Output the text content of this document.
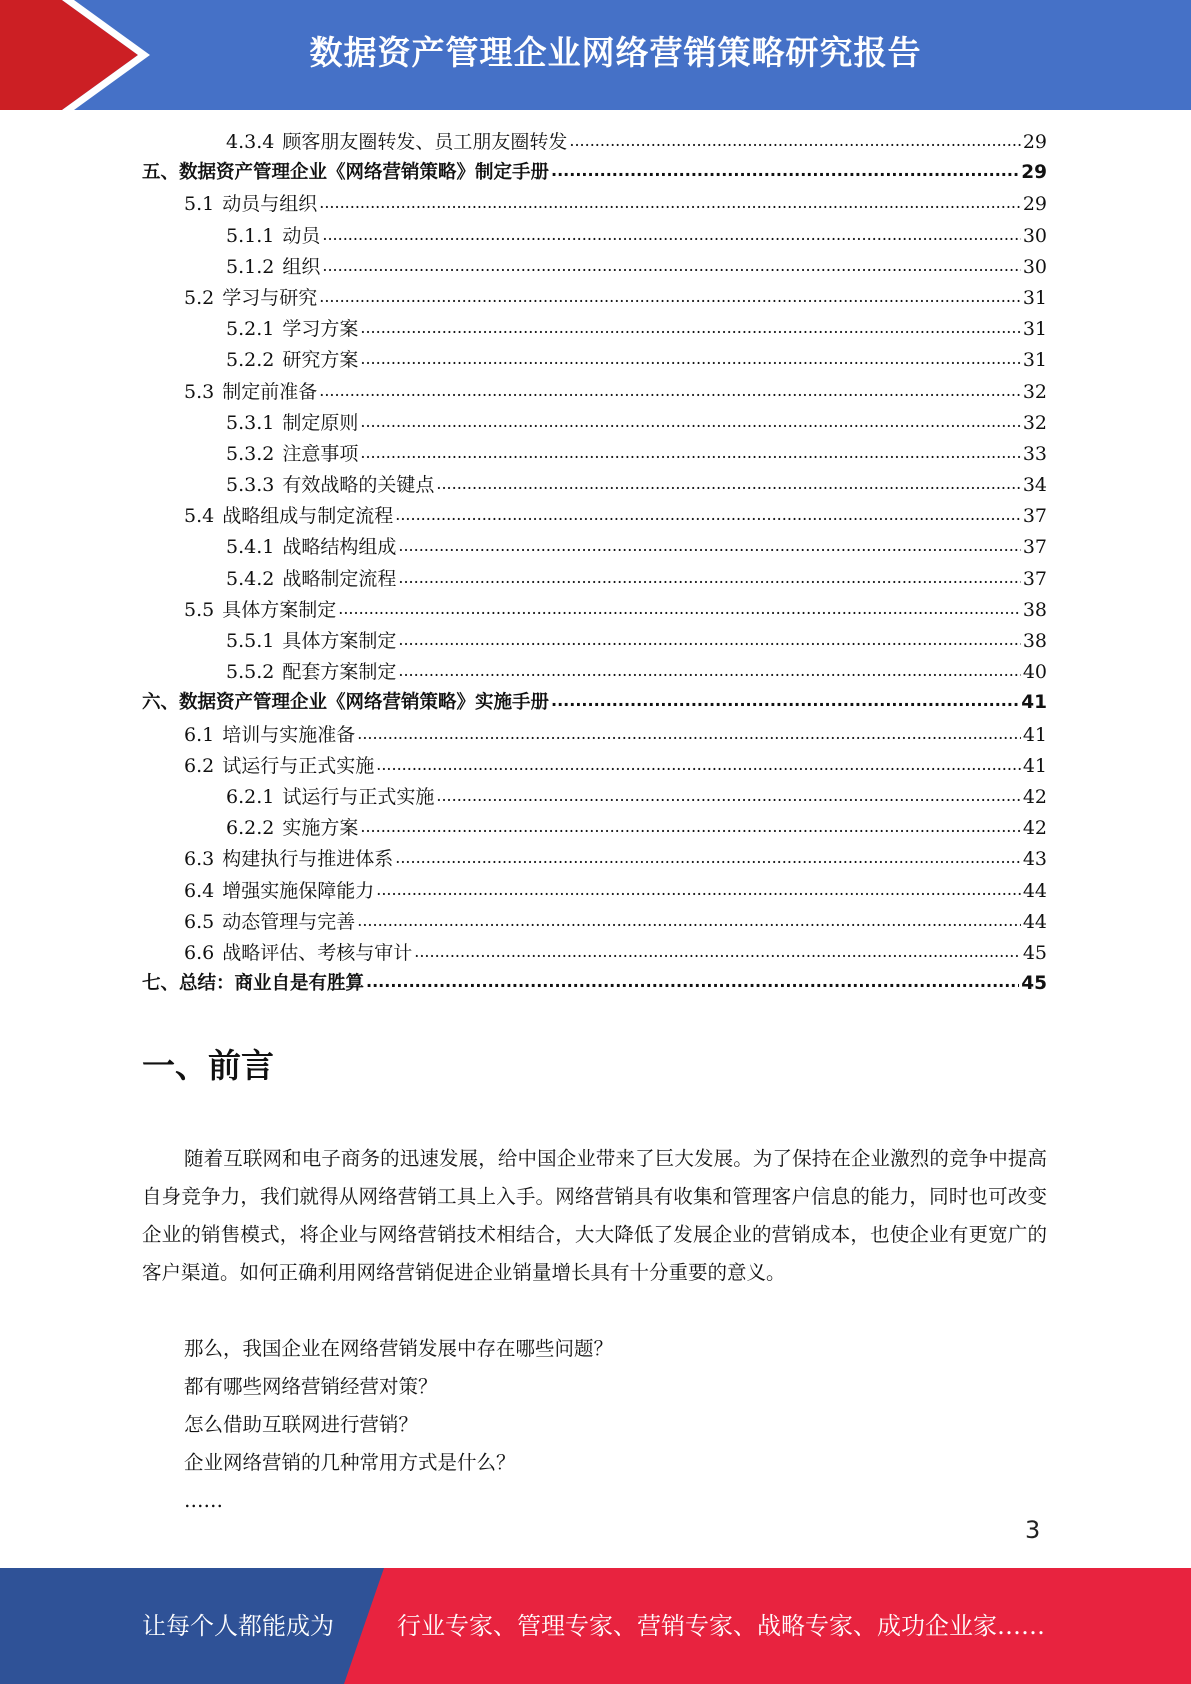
数据资产管理企业网络营销策略研究报告
4.3.4 顾客朋友圈转发、员工朋友圈转发 .....	29
五、数据资产管理企业《网络营销策略》制定手册 .....	29
5.1 动员与组织 .....	29
5.1.1 动员 .....	30
5.1.2 组织 .....	30
5.2 学习与研究 .....	31
5.2.1 学习方案 .....	31
5.2.2 研究方案 .....	31
5.3 制定前准备 .....	32
5.3.1 制定原则 .....	32
5.3.2 注意事项 .....	33
5.3.3 有效战略的关键点 .....	34
5.4 战略组成与制定流程 .....	37
5.4.1 战略结构组成 .....	37
5.4.2 战略制定流程 .....	37
5.5 具体方案制定 .....	38
5.5.1 具体方案制定 .....	38
5.5.2 配套方案制定 .....	40
六、数据资产管理企业《网络营销策略》实施手册 .....	41
6.1 培训与实施准备 .....	41
6.2 试运行与正式实施 .....	41
6.2.1 试运行与正式实施 .....	42
6.2.2 实施方案 .....	42
6.3 构建执行与推进体系 .....	43
6.4 增强实施保障能力 .....	44
6.5 动态管理与完善 .....	44
6.6 战略评估、考核与审计 .....	45
七、总结：商业自是有胜算 .....	45
一、前言
随着互联网和电子商务的迅速发展，给中国企业带来了巨大发展。为了保持在企业激烈的竞争中提高自身竞争力，我们就得从网络营销工具上入手。网络营销具有收集和管理客户信息的能力，同时也可改变企业的销售模式，将企业与网络营销技术相结合，大大降低了发展企业的营销成本，也使企业有更宽广的客户渠道。如何正确利用网络营销促进企业销量增长具有十分重要的意义。
那么，我国企业在网络营销发展中存在哪些问题？
都有哪些网络营销经营对策？
怎么借助互联网进行营销？
企业网络营销的几种常用方式是什么？
……
3
让每个人都能成为	行业专家、管理专家、营销专家、战略专家、成功企业家……
